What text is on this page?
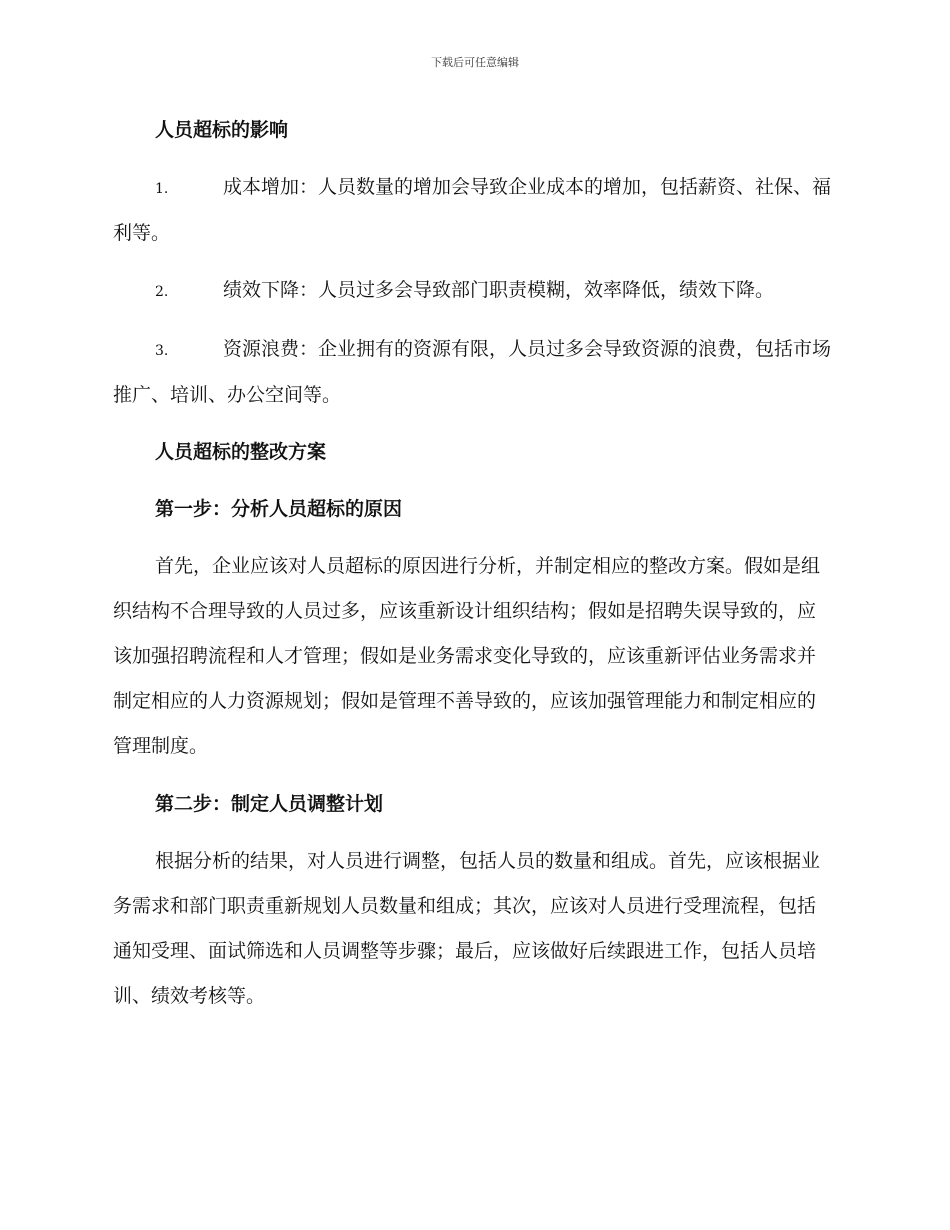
下载后可任意编辑
人员超标的影响
1.	成本增加：人员数量的增加会导致企业成本的增加，包括薪资、社保、福利等。
2.	绩效下降：人员过多会导致部门职责模糊，效率降低，绩效下降。
3.	资源浪费：企业拥有的资源有限，人员过多会导致资源的浪费，包括市场推广、培训、办公空间等。
人员超标的整改方案
第一步：分析人员超标的原因
首先，企业应该对人员超标的原因进行分析，并制定相应的整改方案。假如是组织结构不合理导致的人员过多，应该重新设计组织结构；假如是招聘失误导致的，应该加强招聘流程和人才管理；假如是业务需求变化导致的，应该重新评估业务需求并制定相应的人力资源规划；假如是管理不善导致的，应该加强管理能力和制定相应的管理制度。
第二步：制定人员调整计划
根据分析的结果，对人员进行调整，包括人员的数量和组成。首先，应该根据业务需求和部门职责重新规划人员数量和组成；其次，应该对人员进行受理流程，包括通知受理、面试筛选和人员调整等步骤；最后，应该做好后续跟进工作，包括人员培训、绩效考核等。
